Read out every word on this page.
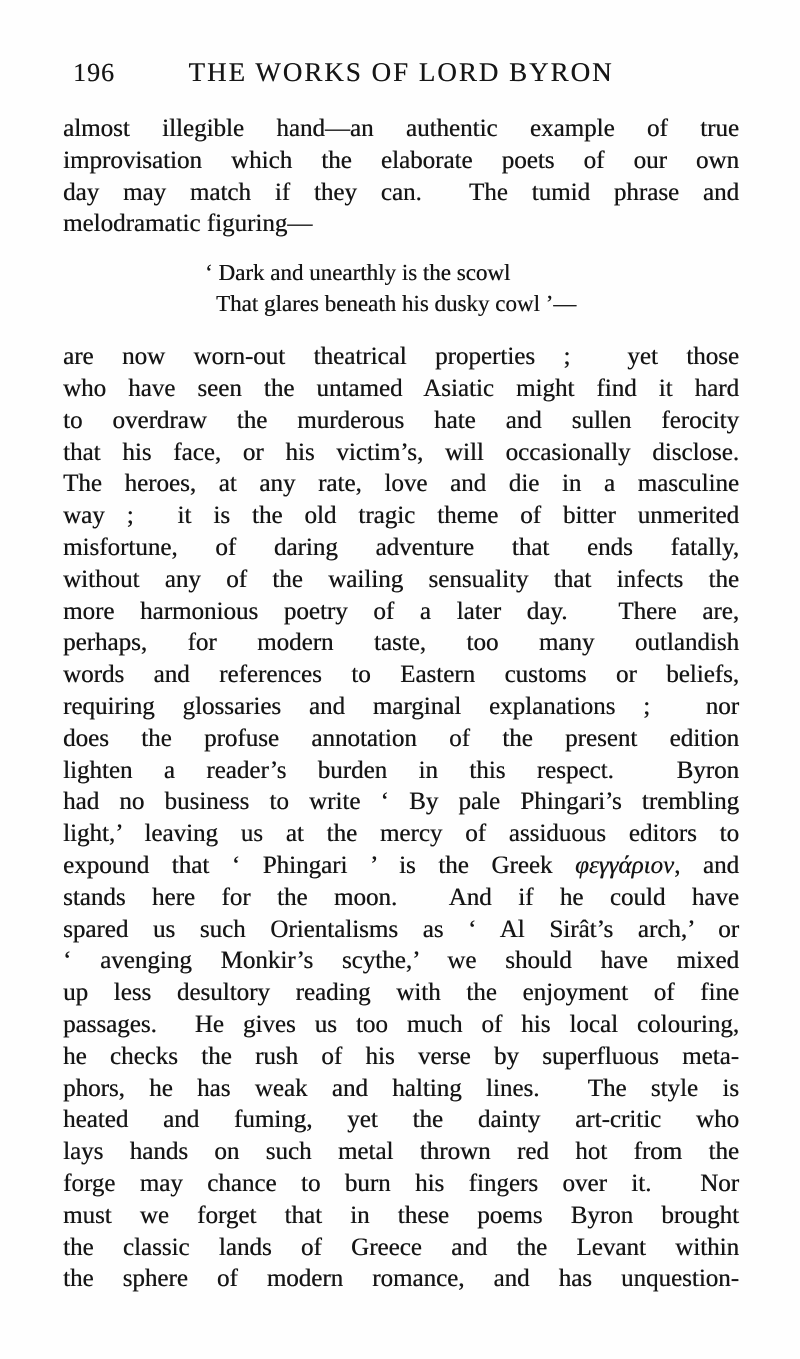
196	THE WORKS OF LORD BYRON
almost illegible hand—an authentic example of true
improvisation which the elaborate poets of our own
day may match if they can.  The tumid phrase and
melodramatic figuring—
‘ Dark and unearthly is the scowl
That glares beneath his dusky cowl ’—
are now worn-out theatrical properties ;  yet those
who have seen the untamed Asiatic might find it hard
to overdraw the murderous hate and sullen ferocity
that his face, or his victim’s, will occasionally disclose.
The heroes, at any rate, love and die in a masculine
way ;  it is the old tragic theme of bitter unmerited
misfortune, of daring adventure that ends fatally,
without any of the wailing sensuality that infects the
more harmonious poetry of a later day.  There are,
perhaps, for modern taste, too many outlandish
words and references to Eastern customs or beliefs,
requiring glossaries and marginal explanations ;  nor
does the profuse annotation of the present edition
lighten a reader’s burden in this respect.  Byron
had no business to write ‘ By pale Phingari’s trembling
light,’ leaving us at the mercy of assiduous editors to
expound that ‘ Phingari ’ is the Greek φεγγάριον, and
stands here for the moon.  And if he could have
spared us such Orientalisms as ‘ Al Sirât’s arch,’ or
‘ avenging Monkir’s scythe,’ we should have mixed
up less desultory reading with the enjoyment of fine
passages.  He gives us too much of his local colouring,
he checks the rush of his verse by superfluous meta-
phors, he has weak and halting lines.  The style is
heated and fuming, yet the dainty art-critic who
lays hands on such metal thrown red hot from the
forge may chance to burn his fingers over it.  Nor
must we forget that in these poems Byron brought
the classic lands of Greece and the Levant within
the sphere of modern romance, and has unquestion-
